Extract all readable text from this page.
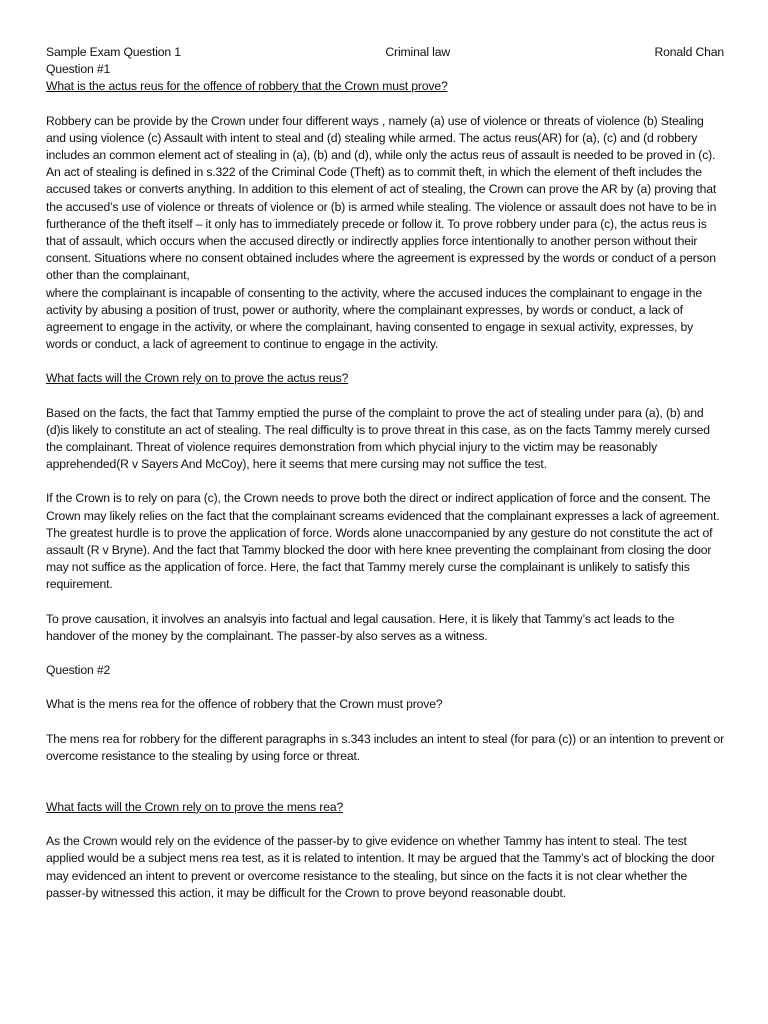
Sample Exam Question 1	Criminal law	Ronald Chan

Question #1

What is the actus reus for the offence of robbery that the Crown must prove?

Robbery can be provide by the Crown under four different ways , namely (a) use of violence or threats of violence (b) Stealing and using violence (c) Assault with intent to steal and (d) stealing while armed. The actus reus(AR) for (a), (c) and (d robbery includes an common element act of stealing in (a), (b) and (d), while only the actus reus of assault is needed to be proved in (c). An act of stealing is defined in s.322 of the Criminal Code (Theft) as to commit theft, in which the element of theft includes the accused takes or converts anything. In addition to this element of act of stealing, the Crown can prove the AR by (a) proving that the accused’s use of violence or threats of violence or (b) is armed while stealing. The violence or assault does not have to be in furtherance of the theft itself – it only has to immediately precede or follow it. To prove robbery under para (c), the actus reus is that of assault, which occurs when the accused directly or indirectly applies force intentionally to another person without their consent. Situations where no consent obtained includes where the agreement is expressed by the words or conduct of a person other than the complainant,

where the complainant is incapable of consenting to the activity, where the accused induces the complainant to engage in the activity by abusing a position of trust, power or authority, where the complainant expresses, by words or conduct, a lack of agreement to engage in the activity, or where the complainant, having consented to engage in sexual activity, expresses, by words or conduct, a lack of agreement to continue to engage in the activity.

What facts will the Crown rely on to prove the actus reus?

Based on the facts, the fact that Tammy emptied the purse of the complaint to prove the act of stealing under para (a), (b) and (d)is likely to constitute an act of stealing. The real difficulty is to prove threat in this case, as on the facts Tammy merely cursed the complainant. Threat of violence requires demonstration from which phycial injury to the victim may be reasonably apprehended(R v Sayers And McCoy), here it seems that mere cursing may not suffice the test.

If the Crown is to rely on para (c), the Crown needs to prove both the direct or indirect application of force and the consent. The Crown may likely relies on the fact that the complainant screams evidenced that the complainant expresses a lack of agreement. The greatest hurdle is to prove the application of force. Words alone unaccompanied by any gesture do not constitute the act of assault (R v Bryne). And the fact that Tammy blocked the door with here knee preventing the complainant from closing the door may not suffice as the application of force. Here, the fact that Tammy merely curse the complainant is unlikely to satisfy this requirement.

To prove causation, it involves an analsyis into factual and legal causation. Here, it is likely that Tammy’s act leads to the handover of the money by the complainant. The passer-by also serves as a witness.

Question #2

What is the mens rea for the offence of robbery that the Crown must prove?

The mens rea for robbery for the different paragraphs in s.343 includes an intent to steal (for para (c)) or an intention to prevent or overcome resistance to the stealing by using force or threat.

What facts will the Crown rely on to prove the mens rea?

As the Crown would rely on the evidence of the passer-by to give evidence on whether Tammy has intent to steal. The test applied would be a subject mens rea test, as it is related to intention. It may be argued that the Tammy’s act of blocking the door may evidenced an intent to prevent or overcome resistance to the stealing, but since on the facts it is not clear whether the passer-by witnessed this action, it may be difficult for the Crown to prove beyond reasonable doubt.
